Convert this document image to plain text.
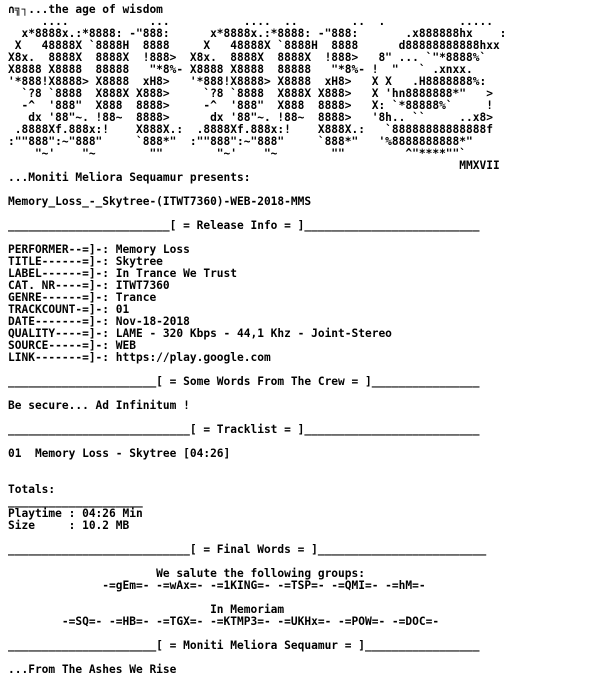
∩╗┐...the age of wisdom
....            ...           ....  ..        ..  .           .....
x*8888x.:*8888: -"888:      x*8888x.:*8888: -"888:       .x888888hx    :
X   48888X `8888H  8888     X   48888X `8888H  8888      d88888888888hxx
X8x.  8888X  8888X  !888>  X8x.  8888X  8888X  !888>   8" ... `"*8888%`
X8888 X8888  88888   "*8%- X8888 X8888  88888   "*8%- !  "   ` .xnxx.
'*888!X8888> X8888  xH8>   '*888!X8888> X8888  xH8>   X X   .H8888888%:
`?8 `8888  X888X X888>     `?8 `8888  X888X X888>   X 'hn8888888*"   >
-^  '888"  X888  8888>     -^  '888"  X888  8888>   X: `*88888%`     !
dx '88"~. !88~  8888>      dx '88"~. !88~  8888>   '8h.. ``     ..x8>
.8888Xf.888x:!    X888X.:  .8888Xf.888x:!    X888X.:   `88888888888888f
:""888":~"888"     `888*"  :""888":~"888"     `888*"   '%8888888888*"
"~'    "~        ""        "~'    "~        ""         ^"****""`
MMXVII
...Moniti Meliora Sequamur presents:
Memory_Loss_-_Skytree-(ITWT7360)-WEB-2018-MMS
________________________[ = Release Info = ]__________________________
PERFORMER--=]-: Memory Loss
TITLE------=]-: Skytree
LABEL------=]-: In Trance We Trust
CAT. NR----=]-: ITWT7360
GENRE------=]-: Trance
TRACKCOUNT-=]-: 01
DATE-------=]-: Nov-18-2018
QUALITY----=]-: LAME - 320 Kbps - 44,1 Khz - Joint-Stereo
SOURCE-----=]-: WEB
LINK-------=]-: https://play.google.com
______________________[ = Some Words From The Crew = ]________________
Be secure... Ad Infinitum !
___________________________[ = Tracklist = ]__________________________
01  Memory Loss - Skytree [04:26]
Totals:
____________________
Playtime : 04:26 Min
Size     : 10.2 MB
___________________________[ = Final Words = ]_________________________
We salute the following groups:
-=gEm=- -=wAx=- -=1KING=- -=TSP=- -=QMI=- -=hM=-
In Memoriam
-=SQ=- -=HB=- -=TGX=- -=KTMP3=- -=UKHx=- -=POW=- -=DOC=-
______________________[ = Moniti Meliora Sequamur = ]_________________
...From The Ashes We Rise
